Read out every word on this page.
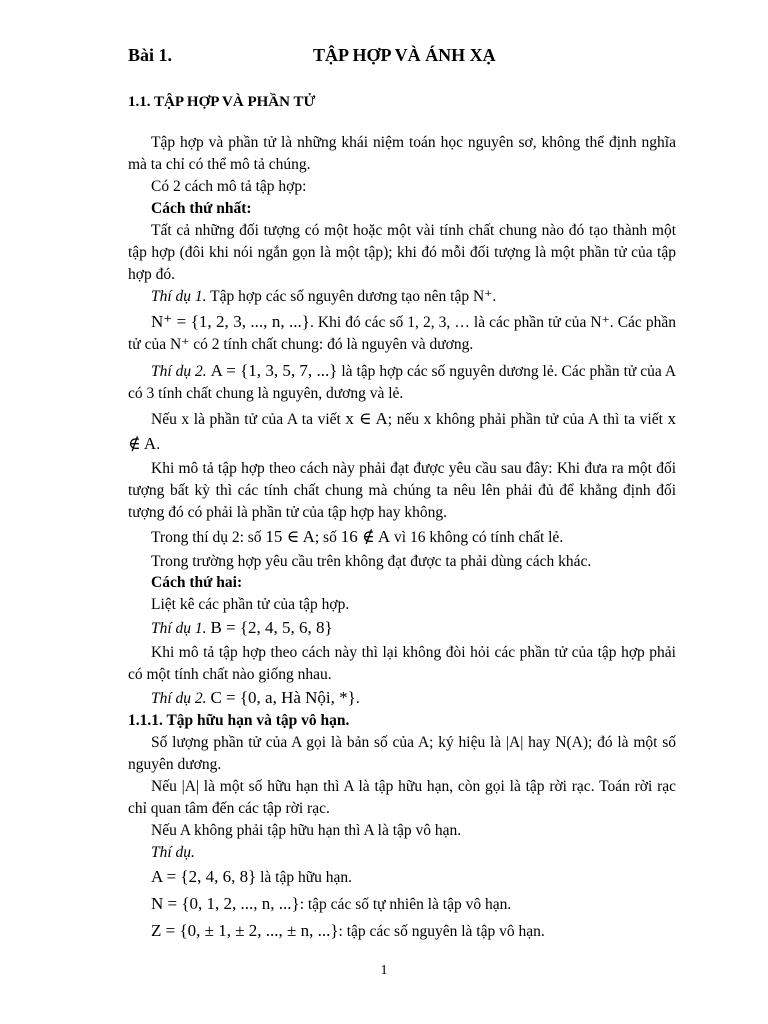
Bài 1.	TẬP HỢP VÀ ÁNH XẠ
1.1. TẬP HỢP VÀ PHẦN TỬ
Tập hợp và phần tử là những khái niệm toán học nguyên sơ, không thể định nghĩa mà ta chỉ có thể mô tả chúng.
Có 2 cách mô tả tập hợp:
Cách thứ nhất:
Tất cả những đối tượng có một hoặc một vài tính chất chung nào đó tạo thành một tập hợp (đôi khi nói ngắn gọn là một tập); khi đó mỗi đối tượng là một phần tử của tập hợp đó.
Thí dụ 1. Tập hợp các số nguyên dương tạo nên tập N⁺.
N⁺ = {1, 2, 3, ..., n, ...}. Khi đó các số 1, 2, 3, … là các phần tử của N⁺. Các phần tử của N⁺ có 2 tính chất chung: đó là nguyên và dương.
Thí dụ 2. A = {1, 3, 5, 7, ...} là tập hợp các số nguyên dương lẻ. Các phần tử của A có 3 tính chất chung là nguyên, dương và lẻ.
Nếu x là phần tử của A ta viết x ∈ A; nếu x không phải phần tử của A thì ta viết x ∉ A.
Khi mô tả tập hợp theo cách này phải đạt được yêu cầu sau đây: Khi đưa ra một đối tượng bất kỳ thì các tính chất chung mà chúng ta nêu lên phải đủ để khẳng định đối tượng đó có phải là phần tử của tập hợp hay không.
Trong thí dụ 2: số 15 ∈ A; số 16 ∉ A vì 16 không có tính chất lẻ.
Trong trường hợp yêu cầu trên không đạt được ta phải dùng cách khác.
Cách thứ hai:
Liệt kê các phần tử của tập hợp.
Thí dụ 1. B = {2, 4, 5, 6, 8}
Khi mô tả tập hợp theo cách này thì lại không đòi hỏi các phần tử của tập hợp phải có một tính chất nào giống nhau.
Thí dụ 2. C = {0, a, Hà Nội, *}.
1.1.1. Tập hữu hạn và tập vô hạn.
Số lượng phần tử của A gọi là bản số của A; ký hiệu là |A| hay N(A); đó là một số nguyên dương.
Nếu |A| là một số hữu hạn thì A là tập hữu hạn, còn gọi là tập rời rạc. Toán rời rạc chỉ quan tâm đến các tập rời rạc.
Nếu A không phải tập hữu hạn thì A là tập vô hạn.
Thí dụ.
A = {2, 4, 6, 8} là tập hữu hạn.
N = {0, 1, 2, ..., n, ...}: tập các số tự nhiên là tập vô hạn.
Z = {0, ± 1, ± 2, ..., ± n, ...}: tập các số nguyên là tập vô hạn.
1
